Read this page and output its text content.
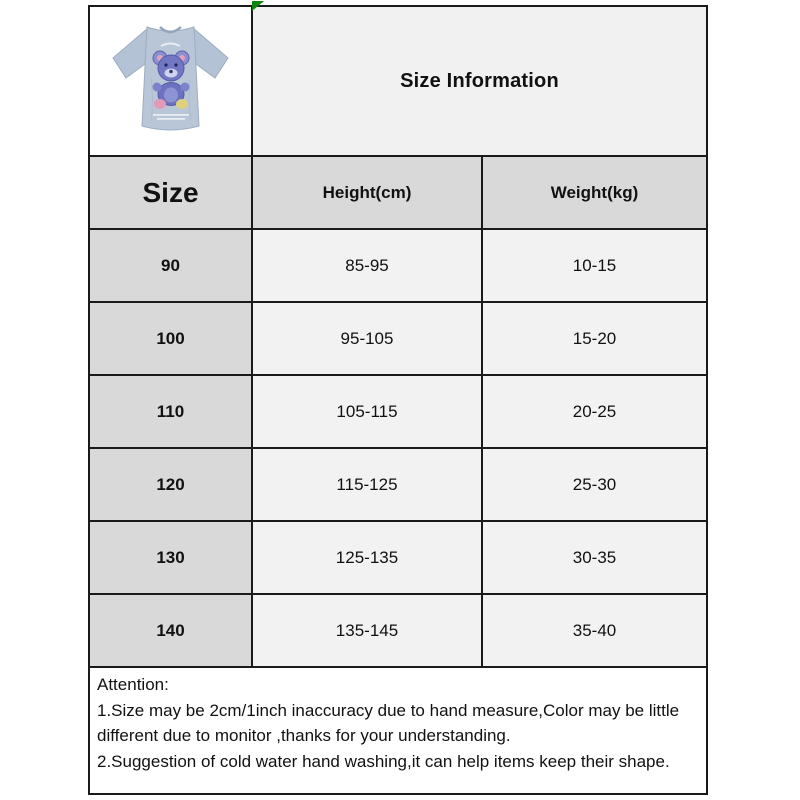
Size Information
Size	Height(cm)	Weight(kg)
90	85-95	10-15
100	95-105	15-20
110	105-115	20-25
120	115-125	25-30
130	125-135	30-35
140	135-145	35-40
Attention:
1.Size may be 2cm/1inch inaccuracy due to hand measure,Color may be little different due to monitor ,thanks for your understanding.
2.Suggestion of cold water hand washing,it can help items keep their shape.
